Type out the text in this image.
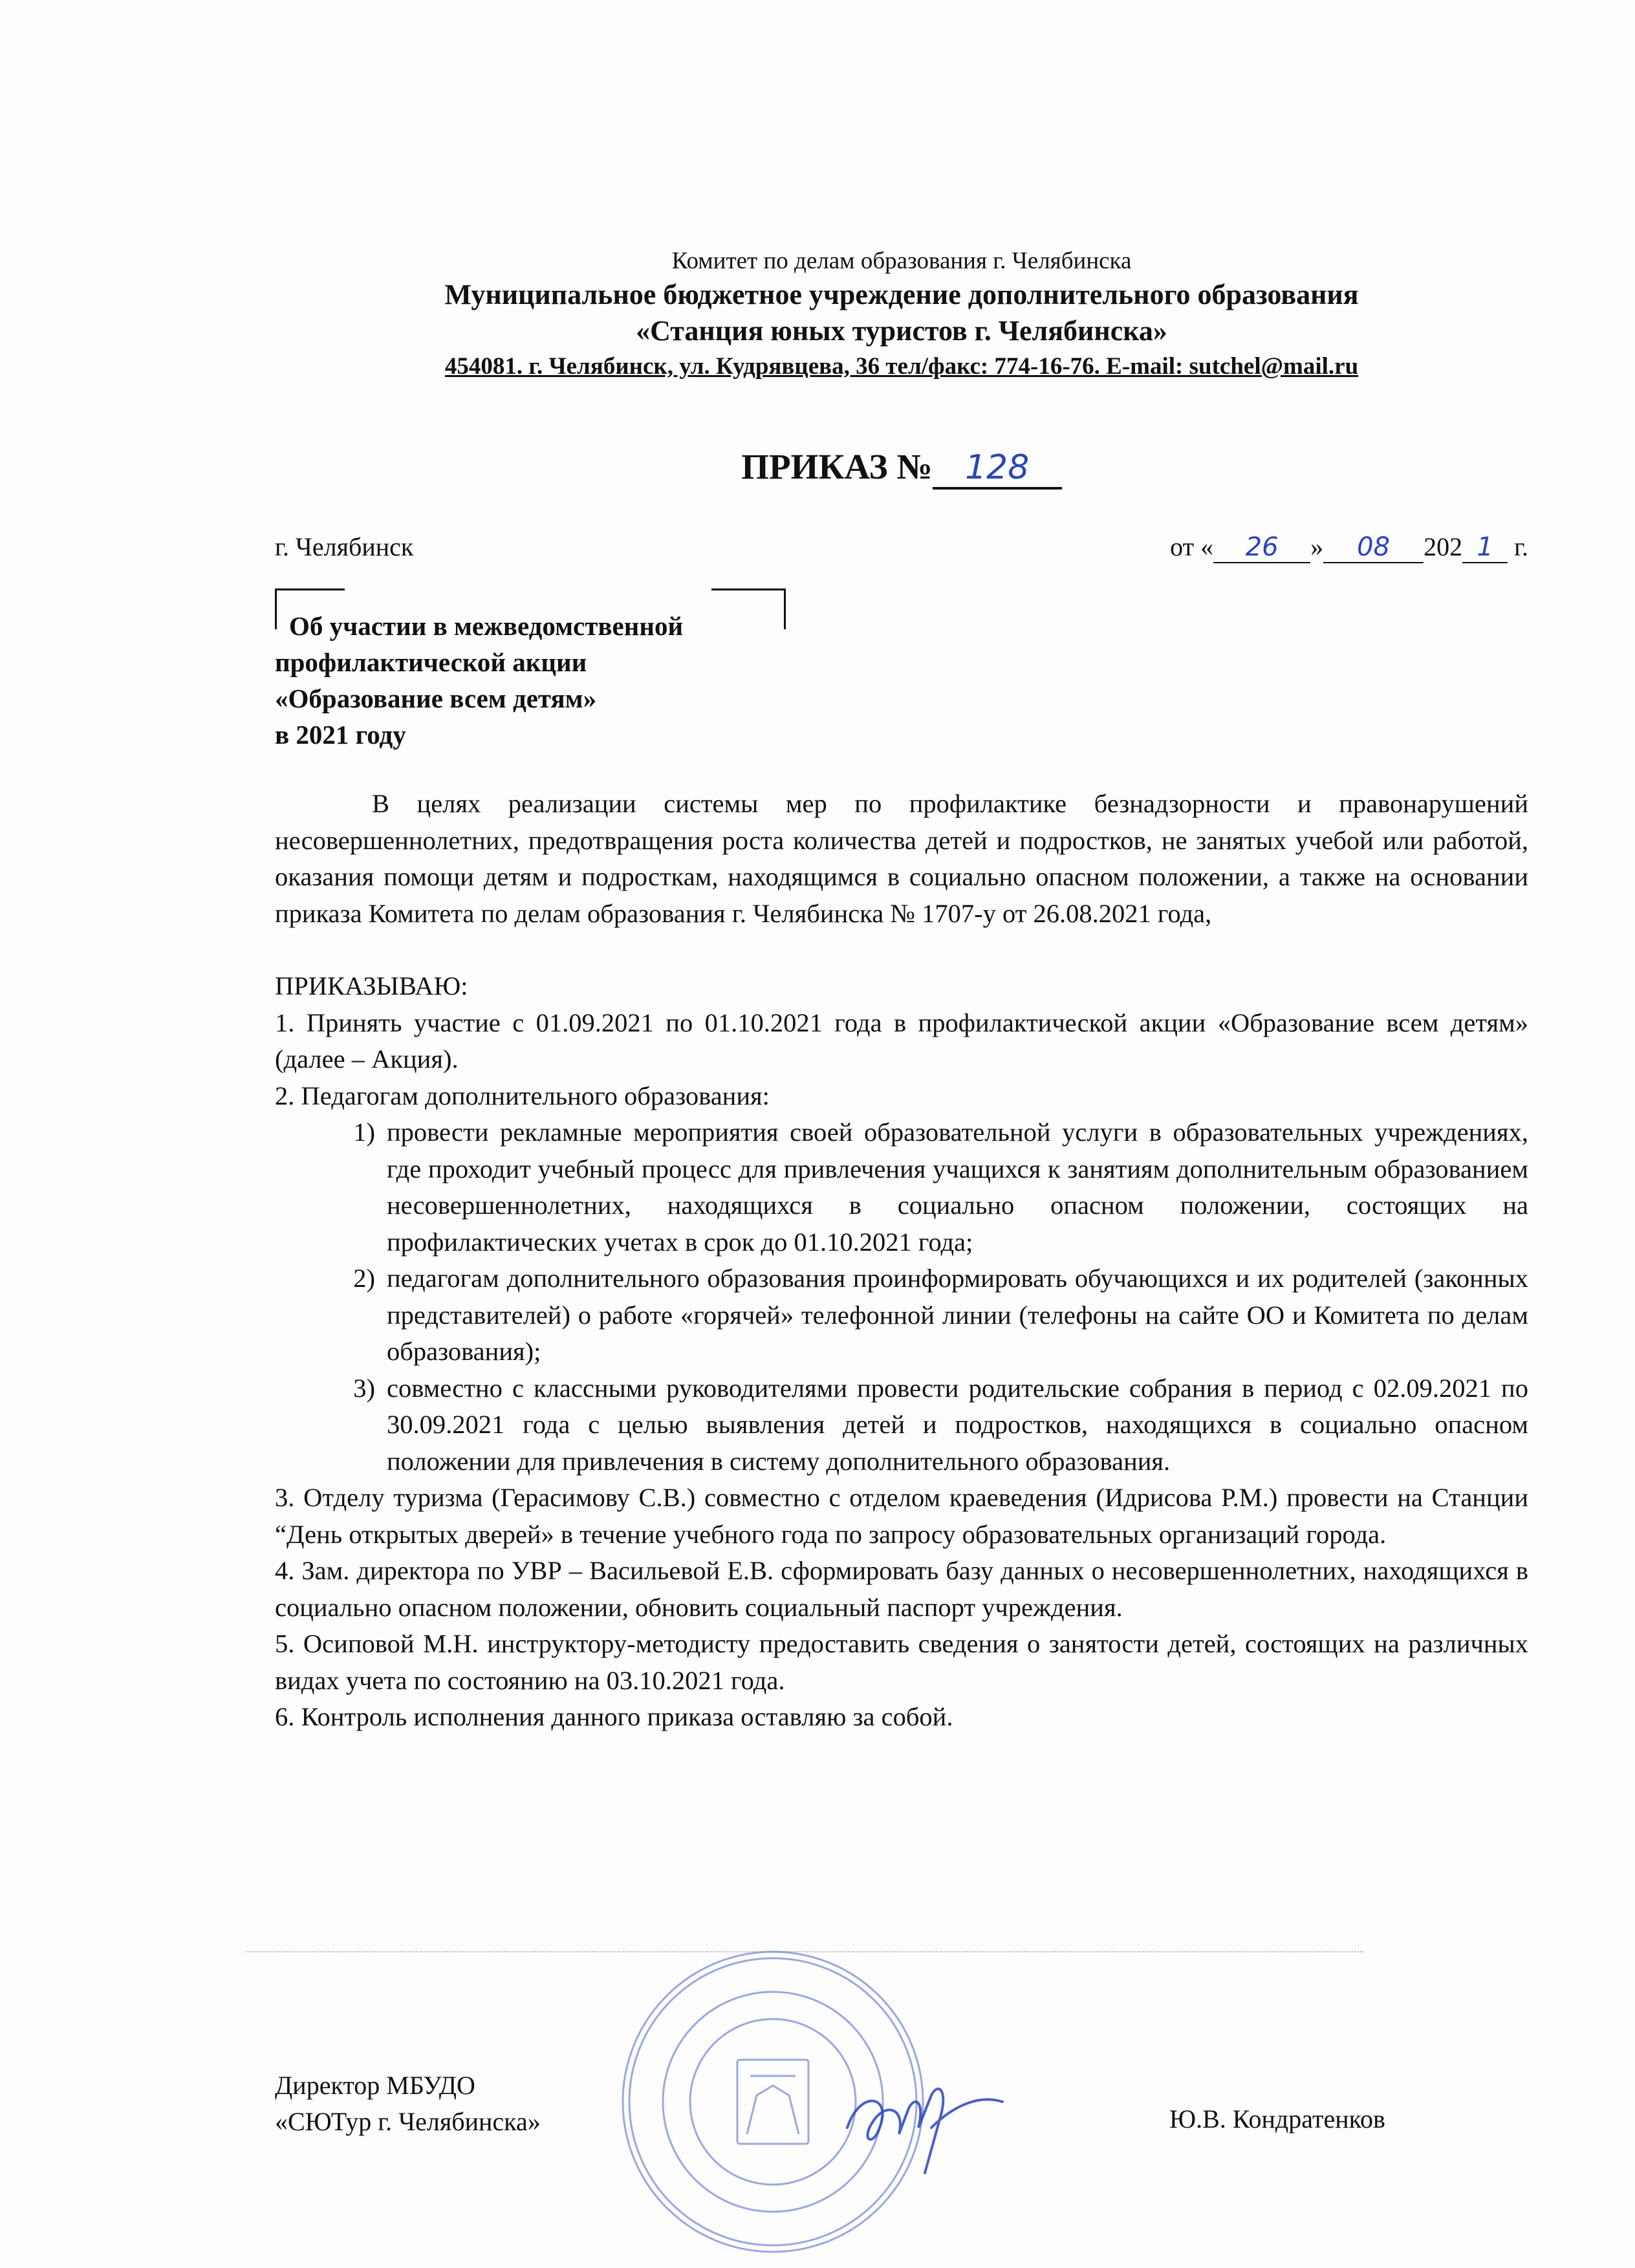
Комитет по делам образования г. Челябинска
Муниципальное бюджетное учреждение дополнительного образования
«Станция юных туристов г. Челябинска»
454081. г. Челябинск, ул. Кудрявцева, 36 тел/факс: 774-16-76. E-mail: sutchel@mail.ru
ПРИКАЗ № 128
г. Челябинск	от « 26 » 08 202 1 г.
Об участии в межведомственной
профилактической акции
«Образование всем детям»
в 2021 году

В целях реализации системы мер по профилактике безнадзорности и правонарушений несовершеннолетних, предотвращения роста количества детей и подростков, не занятых учебой или работой, оказания помощи детям и подросткам, находящимся в социально опасном положении, а также на основании приказа Комитета по делам образования г. Челябинска № 1707-у от 26.08.2021 года,

ПРИКАЗЫВАЮ:

1. Принять участие с 01.09.2021 по 01.10.2021 года в профилактической акции «Образование всем детям» (далее – Акция).

2. Педагогам дополнительного образования:

1) провести рекламные мероприятия своей образовательной услуги в образовательных учреждениях, где проходит учебный процесс для привлечения учащихся к занятиям дополнительным образованием несовершеннолетних, находящихся в социально опасном положении, состоящих на профилактических учетах в срок до 01.10.2021 года;
2) педагогам дополнительного образования проинформировать обучающихся и их родителей (законных представителей) о работе «горячей» телефонной линии (телефоны на сайте ОО и Комитета по делам образования);
3) совместно с классными руководителями провести родительские собрания в период с 02.09.2021 по 30.09.2021 года с целью выявления детей и подростков, находящихся в социально опасном положении для привлечения в систему дополнительного образования.

3. Отделу туризма (Герасимову С.В.) совместно с отделом краеведения (Идрисова Р.М.) провести на Станции “День открытых дверей» в течение учебного года по запросу образовательных организаций города.

4. Зам. директора по УВР – Васильевой Е.В. сформировать базу данных о несовершеннолетних, находящихся в социально опасном положении, обновить социальный паспорт учреждения.

5. Осиповой М.Н. инструктору-методисту предоставить сведения о занятости детей, состоящих на различных видах учета по состоянию на 03.10.2021 года.

6. Контроль исполнения данного приказа оставляю за собой.

Директор МБУДО
«СЮТур г. Челябинска»	Ю.В. Кондратенков
